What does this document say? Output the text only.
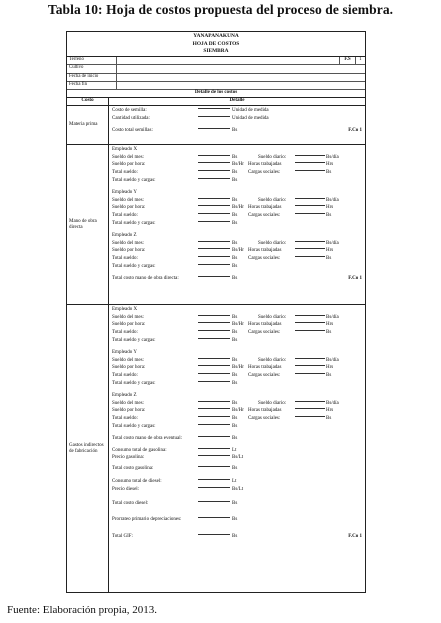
Tabla 10: Hoja de costos propuesta del proceso de siembra.
YANAPANAKUNA
HOJA DE COSTOS
SIEMBRA
Terreno	F.S	1
Cultivo
Fecha de inicio
Fecha fin
Detalle de los costos
Costo	Detalle
Materia prima
Costo de semilla:	Unidad de medida
Cantidad utilizada:	Unidad de medida
Costo total semillas:	Bs	F.Co 1
Mano de obra directa
Empleado X
Sueldo del mes:	Bs	Sueldo diario:	Bs/día
Sueldo por hora:	Bs/Hr Horas trabajadas	Hrs
Total sueldo:	Bs Cargas sociales:	Bs
Total sueldo y cargas:	Bs
Empleado Y
Sueldo del mes:	Bs	Sueldo diario:	Bs/día
Sueldo por hora:	Bs/Hr Horas trabajadas	Hrs
Total sueldo:	Bs Cargas sociales:	Bs
Total sueldo y cargas:	Bs
Empleado Z
Sueldo del mes:	Bs	Sueldo diario:	Bs/día
Sueldo por hora:	Bs/Hr Horas trabajadas	Hrs
Total sueldo:	Bs Cargas sociales:	Bs
Total sueldo y cargas:	Bs
Total costo mano de obra directa:	Bs	F.Co 1
Gastos indirectos de fabricación
Empleado X
Sueldo del mes:	Bs	Sueldo diario:	Bs/día
Sueldo por hora:	Bs/Hr Horas trabajadas	Hrs
Total sueldo:	Bs Cargas sociales:	Bs
Total sueldo y cargas:	Bs
Empleado Y
Sueldo del mes:	Bs	Sueldo diario:	Bs/día
Sueldo por hora:	Bs/Hr Horas trabajadas	Hrs
Total sueldo:	Bs Cargas sociales:	Bs
Total sueldo y cargas:	Bs
Empleado Z
Sueldo del mes:	Bs	Sueldo diario:	Bs/día
Sueldo por hora:	Bs/Hr Horas trabajadas	Hrs
Total sueldo:	Bs Cargas sociales:	Bs
Total sueldo y cargas:	Bs
Total costo mano de obra eventual:	Bs
Consumo total de gasolina:	Lt
Precio gasolina:	Bs/Lt
Total costo gasolina:	Bs
Consumo total de diesel:	Lt
Precio diesel:	Bs/Lt
Total costo diesel:	Bs
Prorrateo primario depreciaciones:	Bs
Total GIF:	Bs	F.Co 1
Fuente: Elaboración propia, 2013.
